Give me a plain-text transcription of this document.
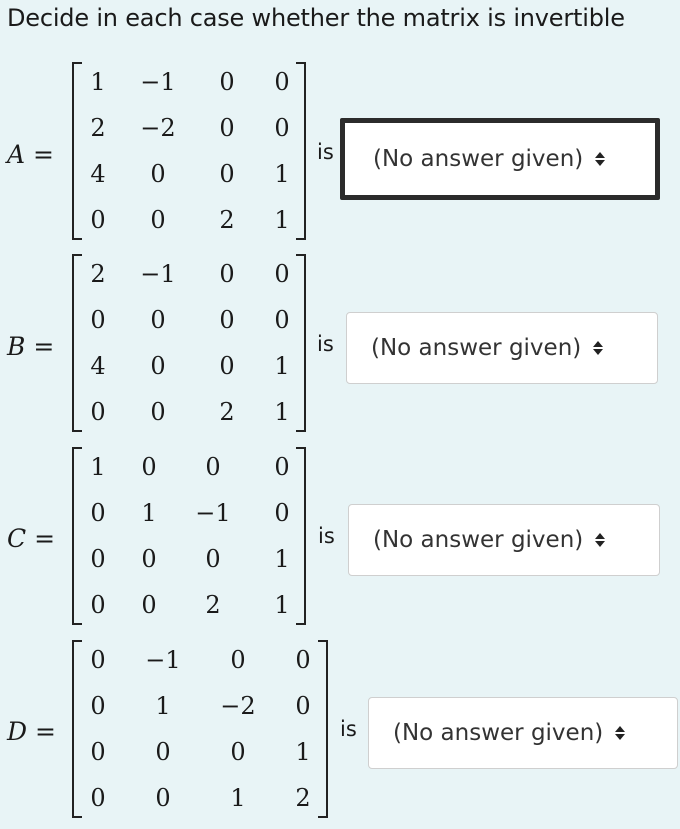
Decide in each case whether the matrix is invertible
A =
1 −1 0 0
2 −2 0 0
4 0 0 1
0 0 2 1
is (No answer given)
B =
2 −1 0 0
0 0 0 0
4 0 0 1
0 0 2 1
is (No answer given)
C =
1 0 0 0
0 1 −1 0
0 0 0 1
0 0 2 1
is (No answer given)
D =
0 −1 0 0
0 1 −2 0
0 0 0 1
0 0 1 2
is (No answer given)
